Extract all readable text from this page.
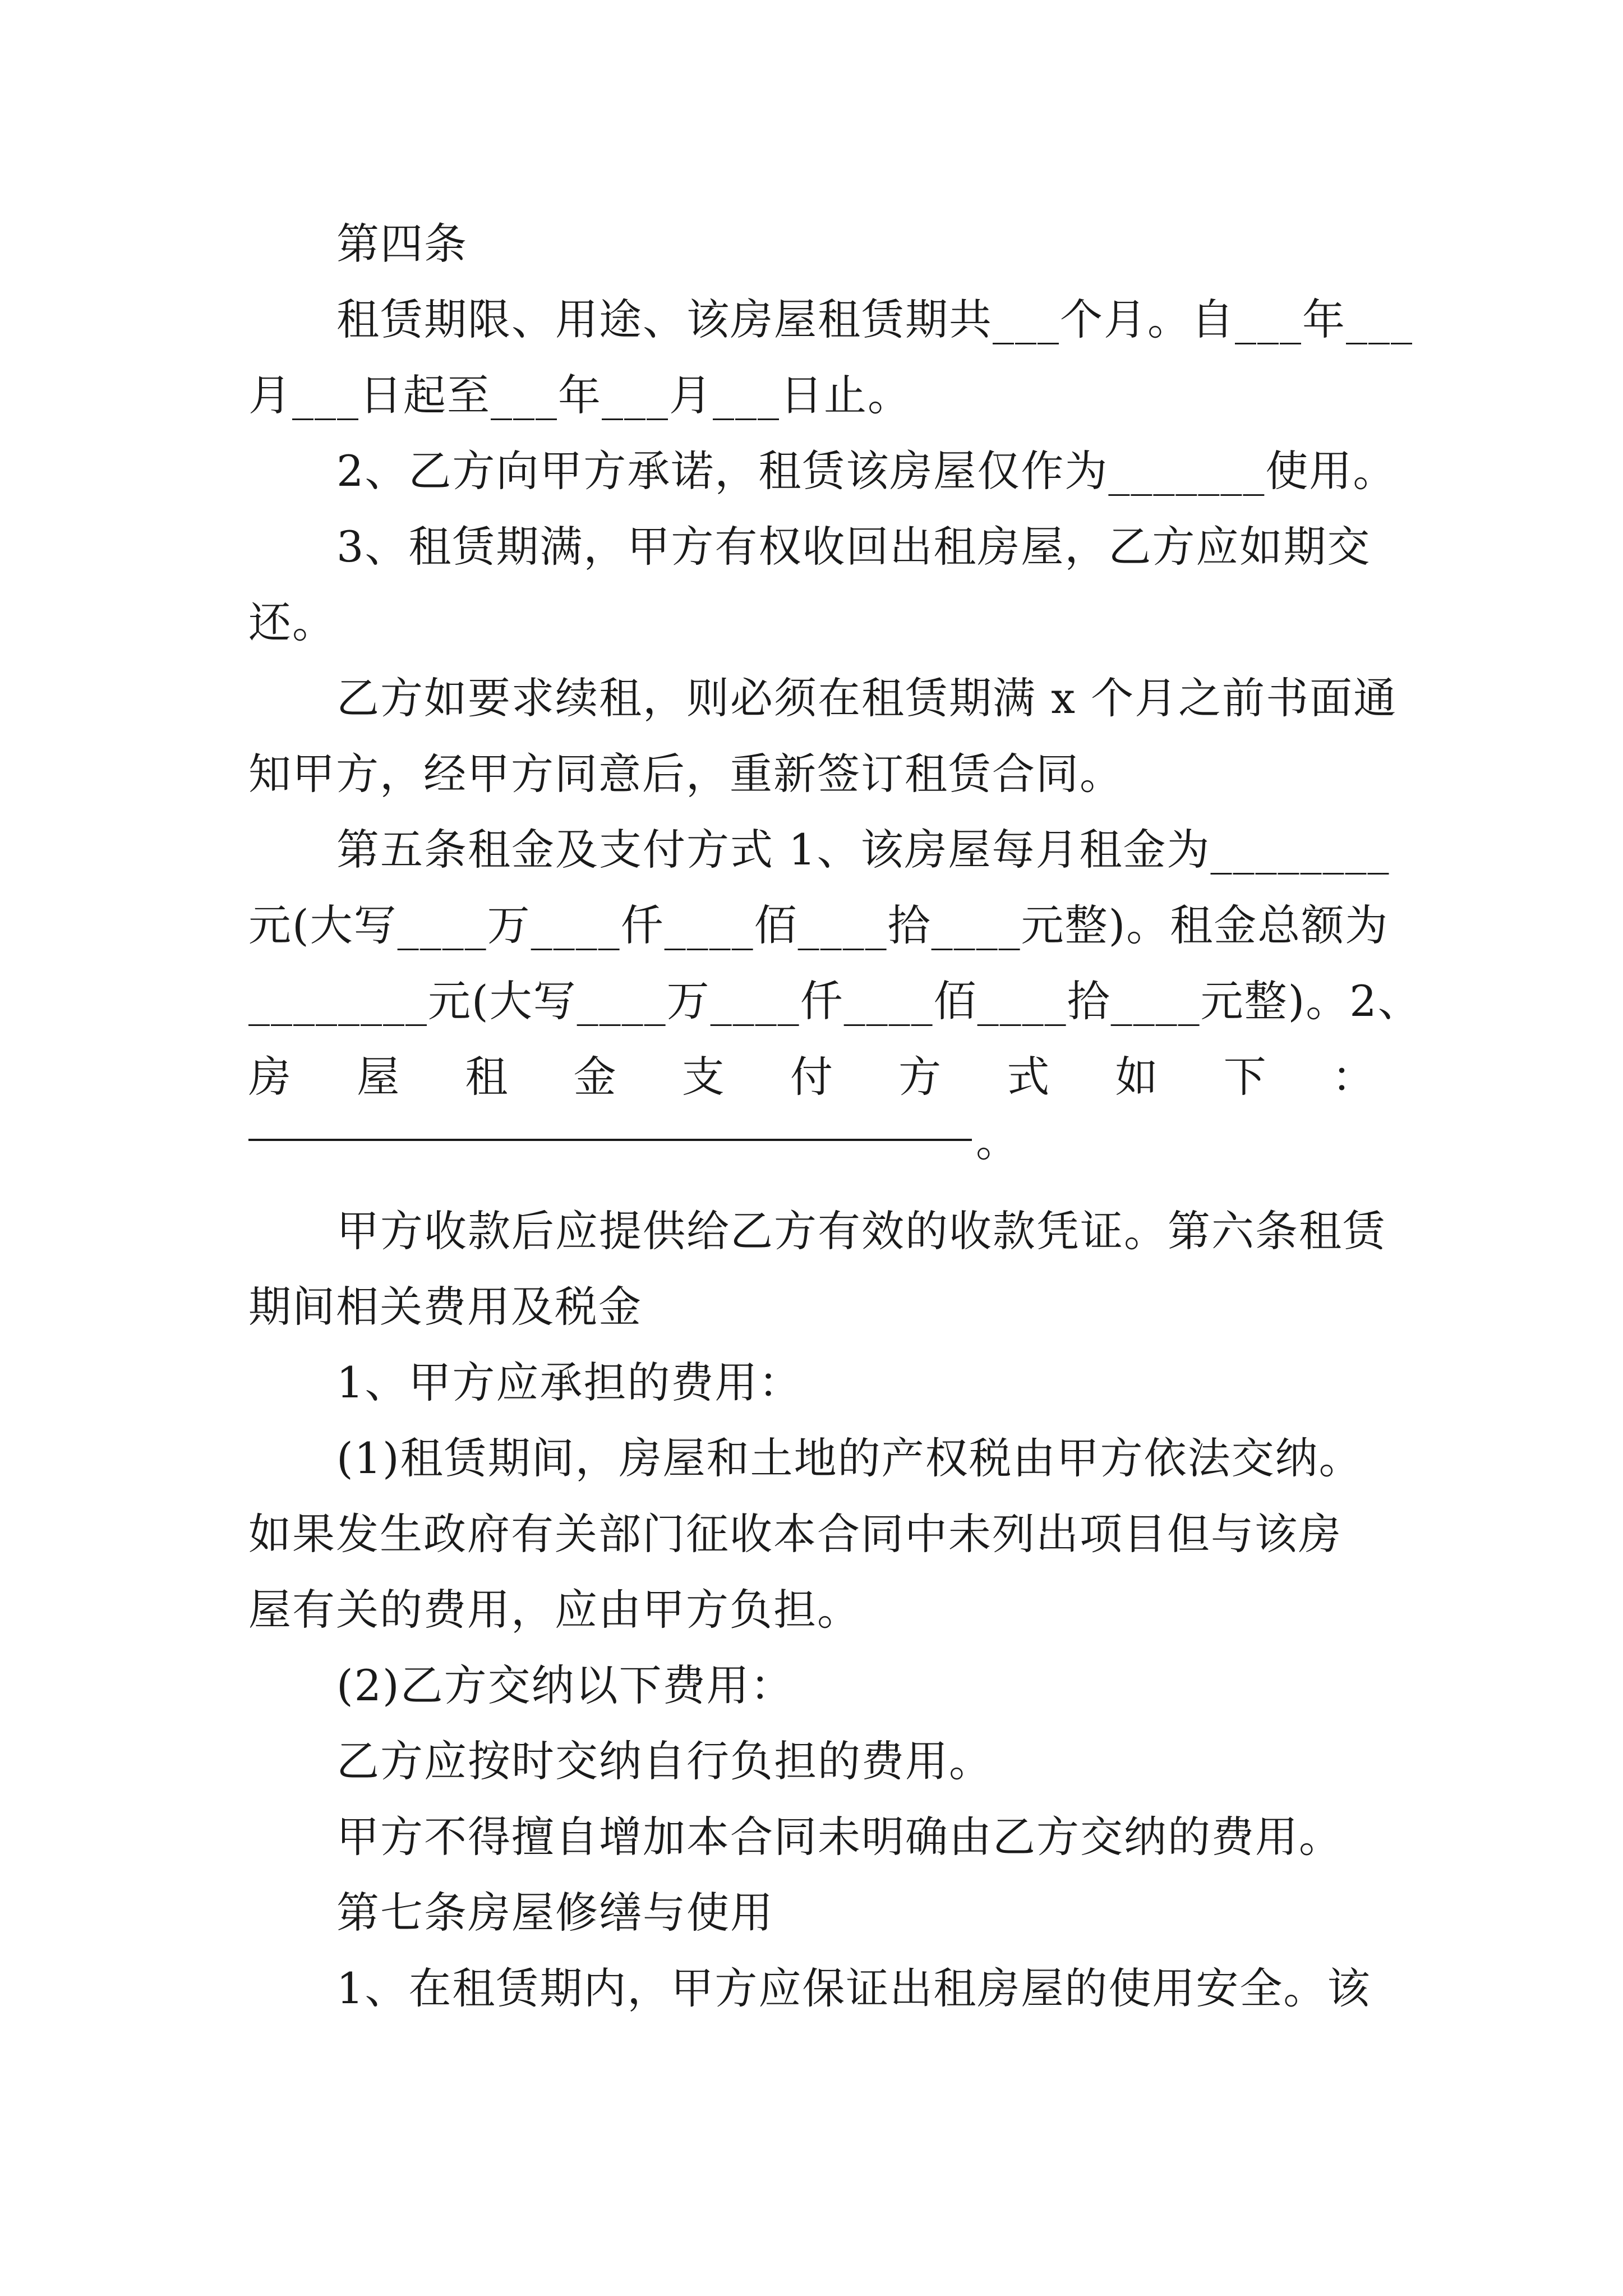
第四条
租赁期限、用途、该房屋租赁期共___个月。自___年___
月___日起至___年___月___日止。
2、乙方向甲方承诺，租赁该房屋仅作为_______使用。
3、租赁期满，甲方有权收回出租房屋，乙方应如期交
还。
乙方如要求续租，则必须在租赁期满 x 个月之前书面通
知甲方，经甲方同意后，重新签订租赁合同。
第五条租金及支付方式 1、该房屋每月租金为________
元(大写____万____仟____佰____拾____元整)。租金总额为
________元(大写____万____仟____佰____拾____元整)。2、
房 屋 租 金 支 付 方 式 如 下 ：
。
甲方收款后应提供给乙方有效的收款凭证。第六条租赁
期间相关费用及税金
1、甲方应承担的费用：
(1)租赁期间，房屋和土地的产权税由甲方依法交纳。
如果发生政府有关部门征收本合同中未列出项目但与该房
屋有关的费用，应由甲方负担。
(2)乙方交纳以下费用：
乙方应按时交纳自行负担的费用。
甲方不得擅自增加本合同未明确由乙方交纳的费用。
第七条房屋修缮与使用
1、在租赁期内，甲方应保证出租房屋的使用安全。该
